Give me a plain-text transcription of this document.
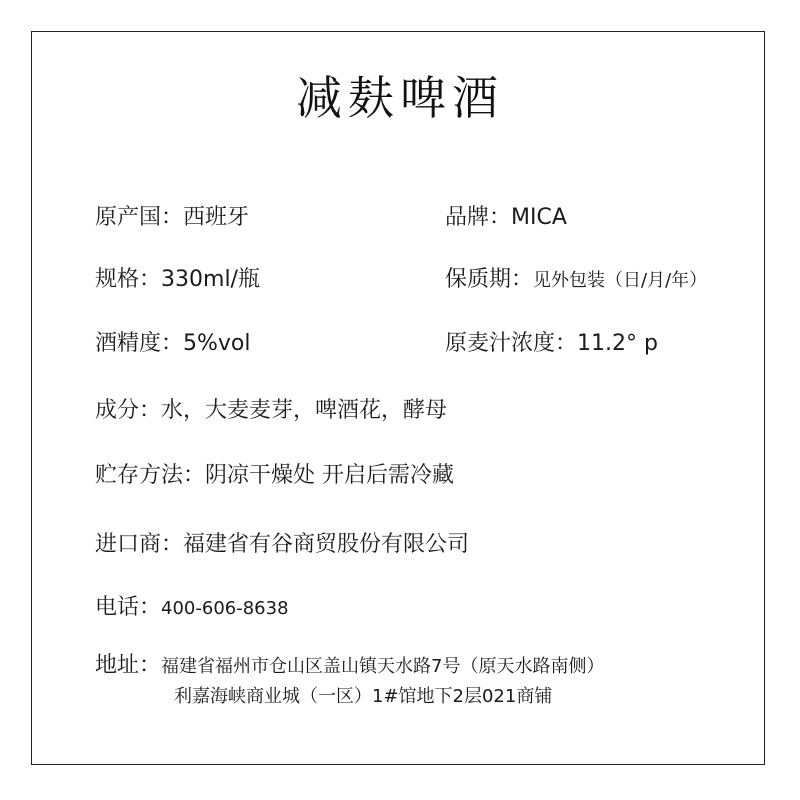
减麸啤酒
原产国：西班牙	品牌：MICA
规格：330ml/瓶	保质期：见外包装（日/月/年）
酒精度：5%vol	原麦汁浓度：11.2° p
成分：水，大麦麦芽，啤酒花，酵母
贮存方法：阴凉干燥处 开启后需冷藏
进口商：福建省有谷商贸股份有限公司
电话：400-606-8638
地址：福建省福州市仓山区盖山镇天水路7号（原天水路南侧）
利嘉海峡商业城（一区）1#馆地下2层021商铺
